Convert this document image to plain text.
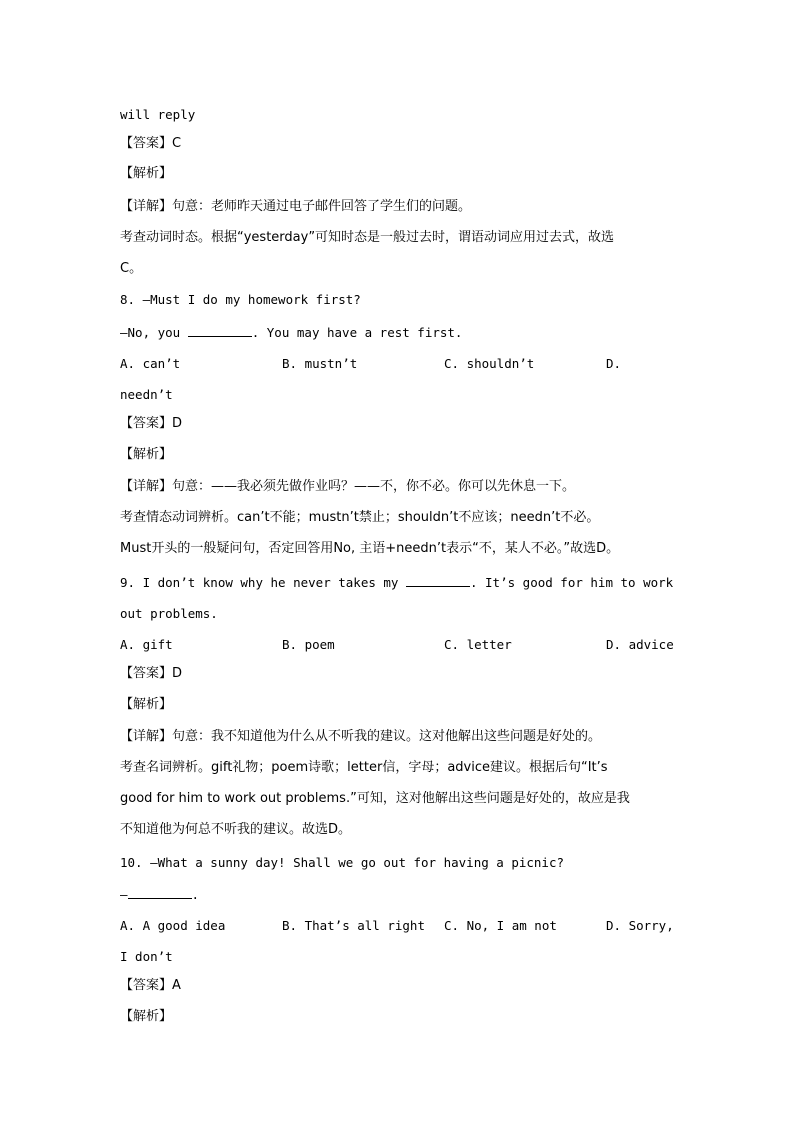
will reply
【答案】C
【解析】
【详解】句意：老师昨天通过电子邮件回答了学生们的问题。
考查动词时态。根据“yesterday”可知时态是一般过去时，谓语动词应用过去式，故选
C。
8. —Must I do my homework first?
—No, you	. You may have a rest first.
A. can’t	B. mustn’t	C. shouldn’t	D.
needn’t
【答案】D
【解析】
【详解】句意：——我必须先做作业吗？——不，你不必。你可以先休息一下。
考查情态动词辨析。can’t不能；mustn’t禁止；shouldn’t不应该；needn’t不必。
Must开头的一般疑问句，否定回答用No, 主语+needn’t表示“不，某人不必。”故选D。
9. I don’t know why he never takes my	. It’s good for him to work
out problems.
A. gift	B. poem	C. letter	D. advice
【答案】D
【解析】
【详解】句意：我不知道他为什么从不听我的建议。这对他解出这些问题是好处的。
考查名词辨析。gift礼物；poem诗歌；letter信，字母；advice建议。根据后句“It’s
good for him to work out problems.”可知，这对他解出这些问题是好处的，故应是我
不知道他为何总不听我的建议。故选D。
10. —What a sunny day! Shall we go out for having a picnic?
—	.
A. A good idea	B. That’s all right C. No, I am not	D. Sorry,
I don’t
【答案】A
【解析】
